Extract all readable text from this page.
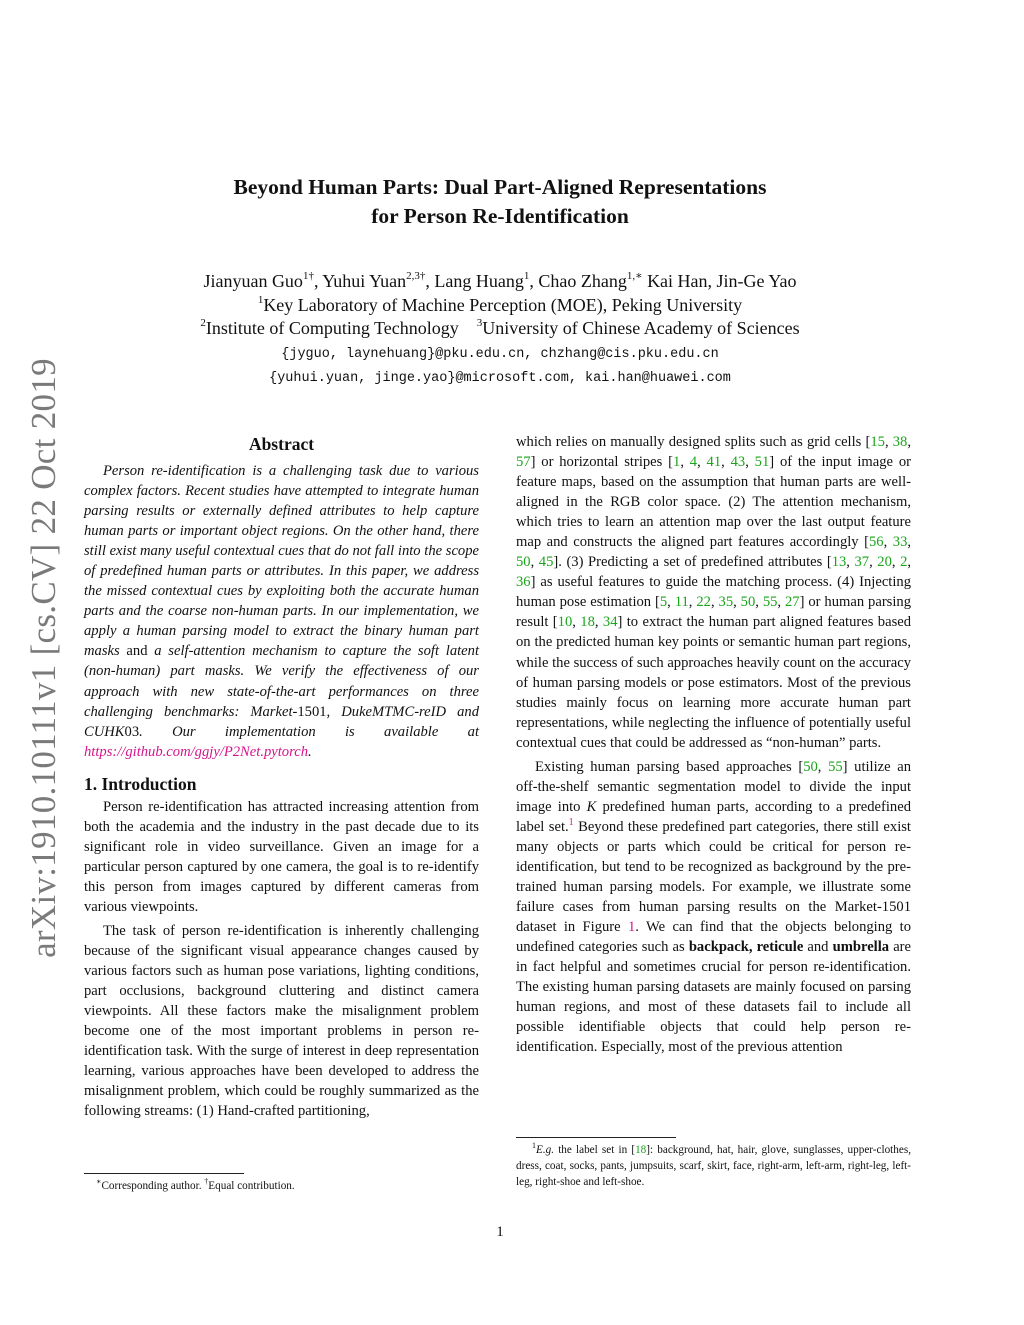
arXiv:1910.10111v1 [cs.CV] 22 Oct 2019
Beyond Human Parts: Dual Part-Aligned Representations
for Person Re-Identification
Jianyuan Guo$^{1\dagger}$, Yuhui Yuan$^{2,3\dagger}$, Lang Huang$^1$, Chao Zhang$^{1,∗}$ Kai Han, Jin-Ge Yao
$^1$Key Laboratory of Machine Perception (MOE), Peking University
$^2$Institute of Computing Technology $^3$University of Chinese Academy of Sciences
{jyguo, laynehuang}@pku.edu.cn, chzhang@cis.pku.edu.cn
{yuhui.yuan, jinge.yao}@microsoft.com, kai.han@huawei.com
Abstract

Person re-identification is a challenging task due to various complex factors. Recent studies have attempted to integrate human parsing results or externally defined attributes to help capture human parts or important object regions. On the other hand, there still exist many useful contextual cues that do not fall into the scope of predefined human parts or attributes. In this paper, we address the missed contextual cues by exploiting both the accurate human parts and the coarse non-human parts. In our implementation, we apply a human parsing model to extract the binary human part masks and a self-attention mechanism to capture the soft latent (non-human) part masks. We verify the effectiveness of our approach with new state-of-the-art performances on three challenging benchmarks: Market-1501, DukeMTMC-reID and CUHK03. Our implementation is available at https://github.com/ggjy/P2Net.pytorch.

1. Introduction

Person re-identification has attracted increasing attention from both the academia and the industry in the past decade due to its significant role in video surveillance. Given an image for a particular person captured by one camera, the goal is to re-identify this person from images captured by different cameras from various viewpoints.

The task of person re-identification is inherently challenging because of the significant visual appearance changes caused by various factors such as human pose variations, lighting conditions, part occlusions, background cluttering and distinct camera viewpoints. All these factors make the misalignment problem become one of the most important problems in person re-identification task. With the surge of interest in deep representation learning, various approaches have been developed to address the misalignment problem, which could be roughly summarized as the following streams: (1) Hand-crafted partitioning,

∗Corresponding author. †Equal contribution.

which relies on manually designed splits such as grid cells [15, 38, 57] or horizontal stripes [1, 4, 41, 43, 51] of the input image or feature maps, based on the assumption that human parts are well-aligned in the RGB color space. (2) The attention mechanism, which tries to learn an attention map over the last output feature map and constructs the aligned part features accordingly [56, 33, 50, 45]. (3) Predicting a set of predefined attributes [13, 37, 20, 2, 36] as useful features to guide the matching process. (4) Injecting human pose estimation [5, 11, 22, 35, 50, 55, 27] or human parsing result [10, 18, 34] to extract the human part aligned features based on the predicted human key points or semantic human part regions, while the success of such approaches heavily count on the accuracy of human parsing models or pose estimators. Most of the previous studies mainly focus on learning more accurate human part representations, while neglecting the influence of potentially useful contextual cues that could be addressed as “non-human” parts.

Existing human parsing based approaches [50, 55] utilize an off-the-shelf semantic segmentation model to divide the input image into K predefined human parts, according to a predefined label set.$^1$ Beyond these predefined part categories, there still exist many objects or parts which could be critical for person re-identification, but tend to be recognized as background by the pre-trained human parsing models. For example, we illustrate some failure cases from human parsing results on the Market-1501 dataset in Figure 1. We can find that the objects belonging to undefined categories such as backpack, reticule and umbrella are in fact helpful and sometimes crucial for person re-identification. The existing human parsing datasets are mainly focused on parsing human regions, and most of these datasets fail to include all possible identifiable objects that could help person re-identification. Especially, most of the previous attention

$^1$E.g. the label set in [18]: background, hat, hair, glove, sunglasses, upper-clothes, dress, coat, socks, pants, jumpsuits, scarf, skirt, face, right-arm, left-arm, right-leg, left-leg, right-shoe and left-shoe.
1
